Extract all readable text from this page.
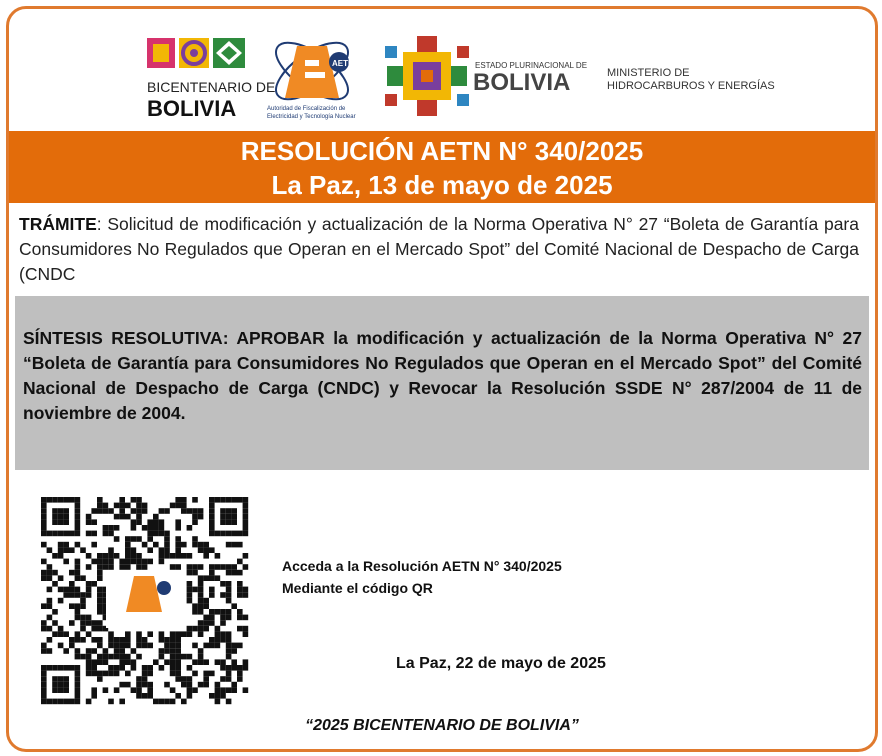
BICENTENARIO DE
BOLIVIA
AETN
Autoridad de Fiscalización de
Electricidad y Tecnología Nuclear
ESTADO PLURINACIONAL DE
BOLIVIA	MINISTERIO DE
HIDROCARBUROS Y ENERGÍAS
RESOLUCIÓN AETN N° 340/2025
La Paz, 13 de mayo de 2025
TRÁMITE: Solicitud de modificación y actualización de la Norma Operativa N° 27 “Boleta de Garantía para Consumidores No Regulados que Operan en el Mercado Spot” del Comité Nacional de Despacho de Carga (CNDC
SÍNTESIS RESOLUTIVA: APROBAR la modificación y actualización de la Norma Operativa N° 27 “Boleta de Garantía para Consumidores No Regulados que Operan en el Mercado Spot” del Comité Nacional de Despacho de Carga (CNDC) y Revocar la Resolución SSDE N° 287/2004 de 11 de noviembre de 2004.
Acceda a la Resolución AETN N° 340/2025
Mediante el código QR
La Paz, 22 de mayo de 2025
“2025 BICENTENARIO DE BOLIVIA”
